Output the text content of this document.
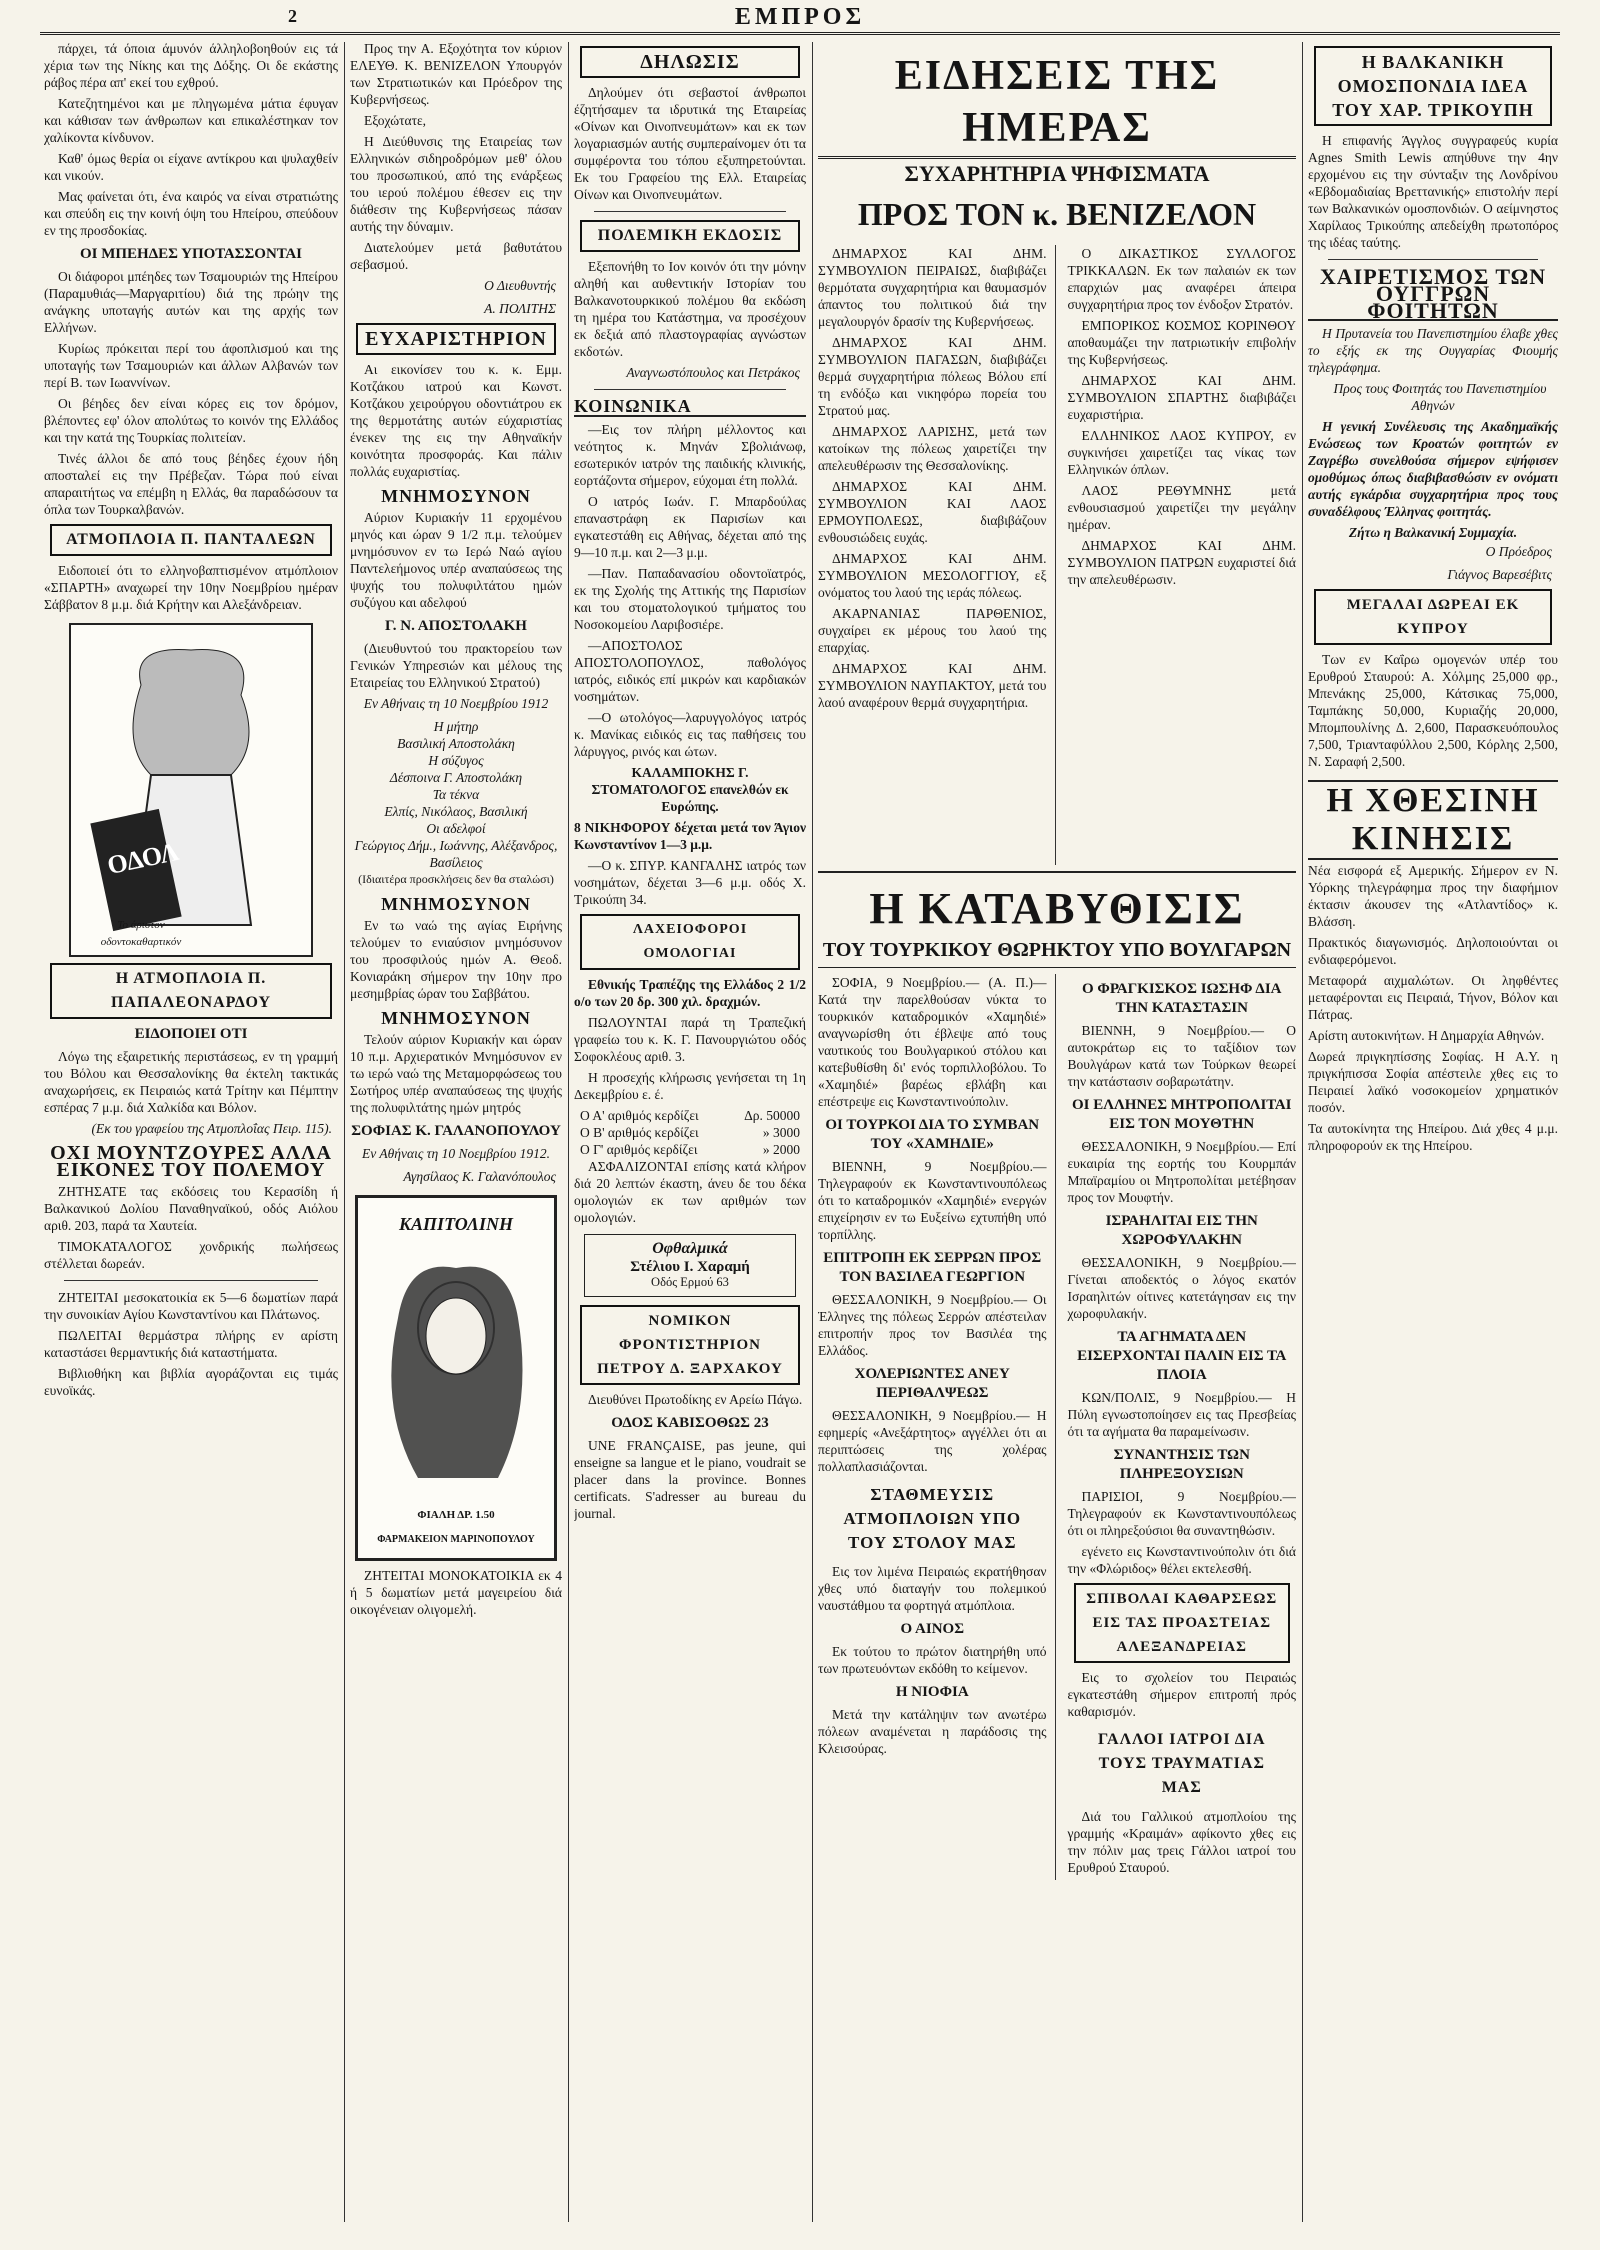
2	ΕΜΠΡΟΣ

πάρχει, τά όποια άμυνόν άλληλοβοηθούν εις τά χέρια των της Νίκης και της Δόξης. Οι δε εκάστης ράβος πέρα απ' εκεί του εχθρού.

Κατεζητημένοι και με πληγωμένα μάτια έφυγαν και κάθισαν των άνθρωπων και επικαλέστηκαν τον χαλίκοντα κίνδυνον.

Καθ' όμως θερία οι είχανε αντίκρου και ψυλαχθείν και νικούν.

Μας φαίνεται ότι, ένα καιρός να είναι στρατιώτης και σπεύδη εις την κοινή όψη του Ηπείρου, σπεύδουν εν της προσδοκίας.

ΟΙ ΜΠΕΗΔΕΣ ΥΠΟΤΑΣΣΟΝΤΑΙ

Οι διάφοροι μπέηδες των Τσαμουριών της Ηπείρου (Παραμυθιάς—Μαργαριτίου) διά της πρώην της ανάγκης υποταγής αυτών και της αρχής των Ελλήνων.

Κυρίως πρόκειται περί του άφοπλισμού και της υποταγής των Τσαμουριών και άλλων Αλβανών των περί Β. των Ιωαννίνων.

Οι βέηδες δεν είναι κόρες εις τον δρόμον, βλέποντες εφ' όλον απολύτως το κοινόν της Ελλάδος και την κατά της Τουρκίας πολιτείαν.

Τινές άλλοι δε από τους βέηδες έχουν ήδη αποσταλεί εις την Πρέβεζαν. Τώρα πού είναι απαραιτήτως να επέμβη η Ελλάς, θα παραδώσουν τα όπλα των Τουρκαλβανών.

ΑΤΜΟΠΛΟΙΑ Π. ΠΑΝΤΑΛΕΩΝ

Ειδοποιεί ότι το ελληνοβαπτισμένον ατμόπλοιον «ΣΠΑΡΤΗ» αναχωρεί την 10ην Νοεμβρίου ημέραν Σάββατον 8 μ.μ. διά Κρήτην και Αλεξάνδρειαν.

ΟΔΟΛ
Το άριστον οδοντοκαθαρτικόν
Η ΑΤΜΟΠΛΟΙΑ Π. ΠΑΠΑΛΕΟΝΑΡΔΟΥ
ΕΙΔΟΠΟΙΕΙ ΟΤΙ

Λόγω της εξαιρετικής περιστάσεως, εν τη γραμμή του Βόλου και Θεσσαλονίκης θα έκτελη τακτικάς αναχωρήσεις, εκ Πειραιώς κατά Τρίτην και Πέμπτην εσπέρας 7 μ.μ. διά Χαλκίδα και Βόλον.

(Εκ του γραφείου της Ατμοπλοΐας Πειρ. 115).
ΟΧΙ ΜΟΥΝΤΖΟΥΡΕΣ ΑΛΛΑ ΕΙΚΟΝΕΣ ΤΟΥ ΠΟΛΕΜΟΥ

ΖΗΤΗΣΑΤΕ τας εκδόσεις του Κερασίδη ή Βαλκανικού Δολίου Παναθηναϊκού, οδός Αιόλου αριθ. 203, παρά τα Χαυτεία.

ΤΙΜΟΚΑΤΑΛΟΓΟΣ χονδρικής πωλήσεως στέλλεται δωρεάν.

ΖΗΤΕΙΤΑΙ μεσοκατοικία εκ 5—6 δωματίων παρά την συνοικίαν Αγίου Κωνσταντίνου και Πλάτωνος.

ΠΩΛΕΙΤΑΙ θερμάστρα πλήρης εν αρίστη καταστάσει θερμαντικής διά καταστήματα.

Βιβλιοθήκη και βιβλία αγοράζονται εις τιμάς ευνοϊκάς.

Προς την Α. Εξοχότητα τον κύριον ΕΛΕΥΘ. Κ. ΒΕΝΙΖΕΛΟΝ Υπουργόν των Στρατιωτικών και Πρόεδρον της Κυβερνήσεως.

Εξοχώτατε,

Η Διεύθυνσις της Εταιρείας των Ελληνικών σιδηροδρόμων μεθ' όλου του προσωπικού, από της ενάρξεως του ιερού πολέμου έθεσεν εις την διάθεσιν της Κυβερνήσεως πάσαν αυτής την δύναμιν.

Διατελούμεν μετά βαθυτάτου σεβασμού.

Ο Διευθυντής
Α. ΠΟΛΙΤΗΣ
ΕΥΧΑΡΙΣΤΗΡΙΟΝ

Αι εικονίσεν του κ. κ. Εμμ. Κοτζάκου ιατρού και Κωνστ. Κοτζάκου χειρούργου οδοντιάτρου εκ της θερμοτάτης αυτών εύχαριστίας ένεκεν της εις την Αθηναϊκήν κοινότητα προσφοράς. Και πάλιν πολλάς ευχαριστίας.

ΜΝΗΜΟΣΥΝΟΝ

Αύριον Κυριακήν 11 ερχομένου μηνός και ώραν 9 1/2 π.μ. τελούμεν μνημόσυνον εν τω Ιερώ Ναώ αγίου Παντελεήμονος υπέρ αναπαύσεως της ψυχής του πολυφιλτάτου ημών συζύγου και αδελφού

Γ. Ν. ΑΠΟΣΤΟΛΑΚΗ

(Διευθυντού του πρακτορείου των Γενικών Υπηρεσιών και μέλους της Εταιρείας του Ελληνικού Στρατού)

Εν Αθήναις τη 10 Νοεμβρίου 1912
Η μήτηρ
Βασιλική Αποστολάκη
Η σύζυγος
Δέσποινα Γ. Αποστολάκη
Τα τέκνα
Ελπίς, Νικόλαος, Βασιλική
Οι αδελφοί
Γεώργιος Δήμ., Ιωάννης, Αλέξανδρος, Βασίλειος
(Ιδιαιτέρα προσκλήσεις δεν θα σταλώσι)
ΜΝΗΜΟΣΥΝΟΝ

Εν τω ναώ της αγίας Ειρήνης τελούμεν το ενιαύσιον μνημόσυνον του προσφιλούς ημών Α. Θεοδ. Κονιαράκη σήμερον την 10ην προ μεσημβρίας ώραν του Σαββάτου.

ΜΝΗΜΟΣΥΝΟΝ

Τελούν αύριον Κυριακήν και ώραν 10 π.μ. Αρχιερατικόν Μνημόσυνον εν τω ιερώ ναώ της Μεταμορφώσεως του Σωτήρος υπέρ αναπαύσεως της ψυχής της πολυφιλτάτης ημών μητρός

ΣΟΦΙΑΣ Κ. ΓΑΛΑΝΟΠΟΥΛΟΥ
Εν Αθήναις τη 10 Νοεμβρίου 1912.
Αγησίλαος Κ. Γαλανόπουλος
ΚΑΠΙΤΟΛΙΝΗ
ΦΙΑΛΗ ΔΡ. 1.50
ΦΑΡΜΑΚΕΙΟΝ ΜΑΡΙΝΟΠΟΥΛΟΥ

ΖΗΤΕΙΤΑΙ ΜΟΝΟΚΑΤΟΙΚΙΑ εκ 4 ή 5 δωματίων μετά μαγειρείου διά οικογένειαν ολιγομελή.

ΔΗΛΩΣΙΣ

Δηλούμεν ότι σεβαστοί άνθρωποι έζητήσαμεν τα ιδρυτικά της Εταιρείας «Οίνων και Οινοπνευμάτων» και εκ των λογαριασμών αυτής συμπεραίνομεν ότι τα συμφέροντα του τόπου εξυπηρετούνται. Εκ του Γραφείου της Ελλ. Εταιρείας Οίνων και Οινοπνευμάτων.

ΠΟΛΕΜΙΚΗ ΕΚΔΟΣΙΣ

Εξεπονήθη το Ιον κοινόν ότι την μόνην αληθή και αυθεντικήν Ιστορίαν του Βαλκανοτουρκικού πολέμου θα εκδώση τη ημέρα του Κατάστημα, να προσέχουν εκ δεξιά από πλαστογραφίας αγνώστων εκδοτών.

Αναγνωστόπουλος και Πετράκος
ΚΟΙΝΩΝΙΚΑ

—Εις τον πλήρη μέλλοντος και νεότητος κ. Μηνάν Σβολιάνωφ, εσωτερικόν ιατρόν της παιδικής κλινικής, εορτάζοντα σήμερον, εύχομαι έτη πολλά.

Ο ιατρός Ιωάν. Γ. Μπαρδούλας επαναστράφη εκ Παρισίων και εγκατεστάθη εις Αθήνας, δέχεται από της 9—10 π.μ. και 2—3 μ.μ.

—Παν. Παπαδανασίου οδοντοϊατρός, εκ της Σχολής της Αττικής της Παρισίων και του στοματολογικού τμήματος του Νοσοκομείου Λαριβοσιέρε.

—ΑΠΟΣΤΟΛΟΣ ΑΠΟΣΤΟΛΟΠΟΥΛΟΣ, παθολόγος ιατρός, ειδικός επί μικρών και καρδιακών νοσημάτων.

—Ο ωτολόγος—λαρυγγολόγος ιατρός κ. Μανίκας ειδικός εις τας παθήσεις του λάρυγγος, ρινός και ώτων.

ΚΑΛΑΜΠΟΚΗΣ Γ. ΣΤΟΜΑΤΟΛΟΓΟΣ επανελθών εκ Ευρώπης.

8 ΝΙΚΗΦΟΡΟΥ δέχεται μετά τον Άγιον Κωνσταντίνον 1—3 μ.μ.

—Ο κ. ΣΠΥΡ. ΚΑΝΓΑΛΗΣ ιατρός των νοσημάτων, δέχεται 3—6 μ.μ. οδός Χ. Τρικούπη 34.

ΛΑΧΕΙΟΦΟΡΟΙ ΟΜΟΛΟΓΙΑΙ

Εθνικής Τραπέζης της Ελλάδος 2 1/2 ο/ο των 20 δρ. 300 χιλ. δραχμών.

ΠΩΛΟΥΝΤΑΙ παρά τη Τραπεζική γραφείω του κ. Κ. Γ. Πανουργιώτου οδός Σοφοκλέους αριθ. 3.

Η προσεχής κλήρωσις γενήσεται τη 1η Δεκεμβρίου ε. έ.

Ο Α' αριθμός κερδίζει	Δρ. 50000
Ο Β' αριθμός κερδίζει	» 3000
Ο Γ' αριθμός κερδίζει	» 2000

ΑΣΦΑΛΙΖΟΝΤΑΙ επίσης κατά κλήρον διά 20 λεπτών έκαστη, άνευ δε του δέκα ομολογιών εκ των αριθμών των ομολογιών.

Οφθαλμικά
Στέλιου Ι. Χαραμή
Οδός Ερμού 63
ΝΟΜΙΚΟΝ ΦΡΟΝΤΙΣΤΗΡΙΟΝ ΠΕΤΡΟΥ Δ. ΞΑΡΧΑΚΟΥ

Διευθύνει Πρωτοδίκης εν Αρείω Πάγω.

ΟΔΟΣ ΚΑΒΙΣΟΘΩΣ 23

UNE FRANÇAISE, pas jeune, qui enseigne sa langue et le piano, voudrait se placer dans la province. Bonnes certificats. S'adresser au bureau du journal.

ΕΙΔΗΣΕΙΣ ΤΗΣ ΗΜΕΡΑΣ
ΣΥΧΑΡΗΤΗΡΙΑ ΨΗΦΙΣΜΑΤΑ
ΠΡΟΣ ΤΟΝ κ. ΒΕΝΙΖΕΛΟΝ

ΔΗΜΑΡΧΟΣ ΚΑΙ ΔΗΜ. ΣΥΜΒΟΥΛΙΟΝ ΠΕΙΡΑΙΩΣ, διαβιβάζει θερμότατα συγχαρητήρια και θαυμασμόν άπαντος του πολιτικού διά την μεγαλουργόν δρασίν της Κυβερνήσεως.

ΔΗΜΑΡΧΟΣ ΚΑΙ ΔΗΜ. ΣΥΜΒΟΥΛΙΟΝ ΠΑΓΑΣΩΝ, διαβιβάζει θερμά συγχαρητήρια πόλεως Βόλου επί τη ενδόξω και νικηφόρω πορεία του Στρατού μας.

ΔΗΜΑΡΧΟΣ ΛΑΡΙΣΗΣ, μετά των κατοίκων της πόλεως χαιρετίζει την απελευθέρωσιν της Θεσσαλονίκης.

ΔΗΜΑΡΧΟΣ ΚΑΙ ΔΗΜ. ΣΥΜΒΟΥΛΙΟΝ ΚΑΙ ΛΑΟΣ ΕΡΜΟΥΠΟΛΕΩΣ, διαβιβάζουν ενθουσιώδεις ευχάς.

ΔΗΜΑΡΧΟΣ ΚΑΙ ΔΗΜ. ΣΥΜΒΟΥΛΙΟΝ ΜΕΣΟΛΟΓΓΙΟΥ, εξ ονόματος του λαού της ιεράς πόλεως.

ΑΚΑΡΝΑΝΙΑΣ ΠΑΡΘΕΝΙΟΣ, συγχαίρει εκ μέρους του λαού της επαρχίας.

ΔΗΜΑΡΧΟΣ ΚΑΙ ΔΗΜ. ΣΥΜΒΟΥΛΙΟΝ ΝΑΥΠΑΚΤΟΥ, μετά του λαού αναφέρουν θερμά συγχαρητήρια.

Ο ΔΙΚΑΣΤΙΚΟΣ ΣΥΛΛΟΓΟΣ ΤΡΙΚΚΑΛΩΝ. Εκ των παλαιών εκ των επαρχιών μας αναφέρει άπειρα συγχαρητήρια προς τον ένδοξον Στρατόν.

ΕΜΠΟΡΙΚΟΣ ΚΟΣΜΟΣ ΚΟΡΙΝΘΟΥ αποθαυμάζει την πατριωτικήν επιβολήν της Κυβερνήσεως.

ΔΗΜΑΡΧΟΣ ΚΑΙ ΔΗΜ. ΣΥΜΒΟΥΛΙΟΝ ΣΠΑΡΤΗΣ διαβιβάζει ευχαριστήρια.

ΕΛΛΗΝΙΚΟΣ ΛΑΟΣ ΚΥΠΡΟΥ, εν συγκινήσει χαιρετίζει τας νίκας των Ελληνικών όπλων.

ΛΑΟΣ ΡΕΘΥΜΝΗΣ μετά ενθουσιασμού χαιρετίζει την μεγάλην ημέραν.

ΔΗΜΑΡΧΟΣ ΚΑΙ ΔΗΜ. ΣΥΜΒΟΥΛΙΟΝ ΠΑΤΡΩΝ ευχαριστεί διά την απελευθέρωσιν.

Η ΚΑΤΑΒΥΘΙΣΙΣ
ΤΟΥ ΤΟΥΡΚΙΚΟΥ ΘΩΡΗΚΤΟΥ ΥΠΟ ΒΟΥΛΓΑΡΩΝ

ΣΟΦΙΑ, 9 Νοεμβρίου.— (Α. Π.)— Κατά την παρελθούσαν νύκτα το τουρκικόν καταδρομικόν «Χαμηδιέ» αναγνωρίσθη ότι έβλεψε από τους ναυτικούς του Βουλγαρικού στόλου και κατεβυθίσθη δι' ενός τορπιλλοβόλου. Το «Χαμηδιέ» βαρέως εβλάβη και επέστρεψε εις Κωνσταντινούπολιν.

ΟΙ ΤΟΥΡΚΟΙ ΔΙΑ ΤΟ ΣΥΜΒΑΝ ΤΟΥ «ΧΑΜΗΔΙΕ»

ΒΙΕΝΝΗ, 9 Νοεμβρίου.— Τηλεγραφούν εκ Κωνσταντινουπόλεως ότι το καταδρομικόν «Χαμηδιέ» ενεργών επιχείρησιν εν τω Ευξείνω εχτυπήθη υπό τορπίλλης.

ΕΠΙΤΡΟΠΗ ΕΚ ΣΕΡΡΩΝ ΠΡΟΣ ΤΟΝ ΒΑΣΙΛΕΑ ΓΕΩΡΓΙΟΝ

ΘΕΣΣΑΛΟΝΙΚΗ, 9 Νοεμβρίου.— Οι Έλληνες της πόλεως Σερρών απέστειλαν επιτροπήν προς τον Βασιλέα της Ελλάδος.

ΧΟΛΕΡΙΩΝΤΕΣ ΑΝΕΥ ΠΕΡΙΘΑΛΨΕΩΣ

ΘΕΣΣΑΛΟΝΙΚΗ, 9 Νοεμβρίου.— Η εφημερίς «Ανεξάρτητος» αγγέλλει ότι αι περιπτώσεις της χολέρας πολλαπλασιάζονται.

ΣΤΑΘΜΕΥΣΙΣ ΑΤΜΟΠΛΟΙΩΝ ΥΠΟ ΤΟΥ ΣΤΟΛΟΥ ΜΑΣ

Εις τον λιμένα Πειραιώς εκρατήθησαν χθες υπό διαταγήν του πολεμικού ναυστάθμου τα φορτηγά ατμόπλοια.

Ο ΑΙΝΟΣ

Εκ τούτου το πρώτον διατηρήθη υπό των πρωτευόντων εκδόθη το κείμενον.

Η ΝΙΟΦΙΑ

Μετά την κατάληψιν των ανωτέρω πόλεων αναμένεται η παράδοσις της Κλεισούρας.

Ο ΦΡΑΓΚΙΣΚΟΣ ΙΩΣΗΦ ΔΙΑ ΤΗΝ ΚΑΤΑΣΤΑΣΙΝ

ΒΙΕΝΝΗ, 9 Νοεμβρίου.— Ο αυτοκράτωρ εις το ταξίδιον των Βουλγάρων κατά των Τούρκων θεωρεί την κατάστασιν σοβαρωτάτην.

ΟΙ ΕΛΛΗΝΕΣ ΜΗΤΡΟΠΟΛΙΤΑΙ ΕΙΣ ΤΟΝ ΜΟΥΘΤΗΝ

ΘΕΣΣΑΛΟΝΙΚΗ, 9 Νοεμβρίου.— Επί ευκαιρία της εορτής του Κουρμπάν Μπαϊραμίου οι Μητροπολίται μετέβησαν προς τον Μουφτήν.

ΙΣΡΑΗΛΙΤΑΙ ΕΙΣ ΤΗΝ ΧΩΡΟΦΥΛΑΚΗΝ

ΘΕΣΣΑΛΟΝΙΚΗ, 9 Νοεμβρίου.— Γίνεται αποδεκτός ο λόγος εκατόν Ισραηλιτών οίτινες κατετάγησαν εις την χωροφυλακήν.

ΤΑ ΑΓΗΜΑΤΑ ΔΕΝ ΕΙΣΕΡΧΟΝΤΑΙ ΠΑΛΙΝ ΕΙΣ ΤΑ ΠΛΟΙΑ

ΚΩΝ/ΠΟΛΙΣ, 9 Νοεμβρίου.— Η Πύλη εγνωστοποίησεν εις τας Πρεσβείας ότι τα αγήματα θα παραμείνωσιν.

ΣΥΝΑΝΤΗΣΙΣ ΤΩΝ ΠΛΗΡΕΞΟΥΣΙΩΝ

ΠΑΡΙΣΙΟΙ, 9 Νοεμβρίου.— Τηλεγραφούν εκ Κωνσταντινουπόλεως ότι οι πληρεξούσιοι θα συναντηθώσιν.

εγένετο εις Κωνσταντινούπολιν ότι διά την «Φλώριδος» θέλει εκτελεσθή.

ΣΠΙΒΟΛΑΙ ΚΑΘΑΡΣΕΩΣ ΕΙΣ ΤΑΣ ΠΡΟΑΣΤΕΙΑΣ ΑΛΕΞΑΝΔΡΕΙΑΣ

Εις το σχολείον του Πειραιώς εγκατεστάθη σήμερον επιτροπή πρός καθαρισμόν.

ΓΑΛΛΟΙ ΙΑΤΡΟΙ ΔΙΑ ΤΟΥΣ ΤΡΑΥΜΑΤΙΑΣ ΜΑΣ

Διά του Γαλλικού ατμοπλοίου της γραμμής «Κραιμάν» αφίκοντο χθες εις την πόλιν μας τρεις Γάλλοι ιατροί του Ερυθρού Σταυρού.

Η ΒΑΛΚΑΝΙΚΗ ΟΜΟΣΠΟΝΔΙΑ ΙΔΕΑ ΤΟΥ ΧΑΡ. ΤΡΙΚΟΥΠΗ

Η επιφανής Άγγλος συγγραφεύς κυρία Agnes Smith Lewis απηύθυνε την 4ην ερχομένου εις την σύνταξιν της Λονδρίνου «Εβδομαδιαίας Βρεττανικής» επιστολήν περί των Βαλκανικών ομοσπονδιών. Ο αείμνηστος Χαρίλαος Τρικούπης απεδείχθη πρωτοπόρος της ιδέας ταύτης.

ΧΑΙΡΕΤΙΣΜΟΣ ΤΩΝ ΟΥΓΓΡΩΝ ΦΟΙΤΗΤΩΝ

Η Πρυτανεία του Πανεπιστημίου έλαβε χθες το εξής εκ της Ουγγαρίας Φιουμής τηλεγράφημα.

Προς τους Φοιτητάς του Πανεπιστημίου Αθηνών

Η γενική Συνέλευσις της Ακαδημαϊκής Ενώσεως των Κροατών φοιτητών εν Ζαγρέβω συνελθούσα σήμερον εψήφισεν ομοθύμως όπως διαβιβασθώσιν εν ονόματι αυτής εγκάρδια συγχαρητήρια προς τους συναδέλφους Έλληνας φοιτητάς.

Ζήτω η Βαλκανική Συμμαχία.
Ο Πρόεδρος
Γιάγνος Βαρεσέβιτς
ΜΕΓΑΛΑΙ ΔΩΡΕΑΙ ΕΚ ΚΥΠΡΟΥ

Των εν Καΐρω ομογενών υπέρ του Ερυθρού Σταυρού: Α. Χόλμης 25,000 φρ., Μπενάκης 25,000, Κάτσικας 75,000, Ταμπάκης 50,000, Κυριαζής 20,000, Μπομπουλίνης Δ. 2,600, Παρασκευόπουλος 7,500, Τριανταφύλλου 2,500, Κόρλης 2,500, Ν. Σαραφή 2,500.

Η ΧΘΕΣΙΝΗ ΚΙΝΗΣΙΣ

Νέα εισφορά εξ Αμερικής. Σήμερον εν Ν. Υόρκης τηλεγράφημα προς την διαφήμιον έκτασιν άκουσεν της «Ατλαντίδος» κ. Βλάσση.

Πρακτικός διαγωνισμός. Δηλοποιούνται οι ενδιαφερόμενοι.

Μεταφορά αιχμαλώτων. Οι ληφθέντες μεταφέρονται εις Πειραιά, Τήνον, Βόλον και Πάτρας.

Αρίστη αυτοκινήτων. Η Δημαρχία Αθηνών.

Δωρεά πριγκηπίσσης Σοφίας. Η Α.Υ. η πριγκήπισσα Σοφία απέστειλε χθες εις το Πειραιεί λαϊκό νοσοκομείον χρηματικόν ποσόν.

Τα αυτοκίνητα της Ηπείρου. Διά χθες 4 μ.μ. πληροφορούν εκ της Ηπείρου.
